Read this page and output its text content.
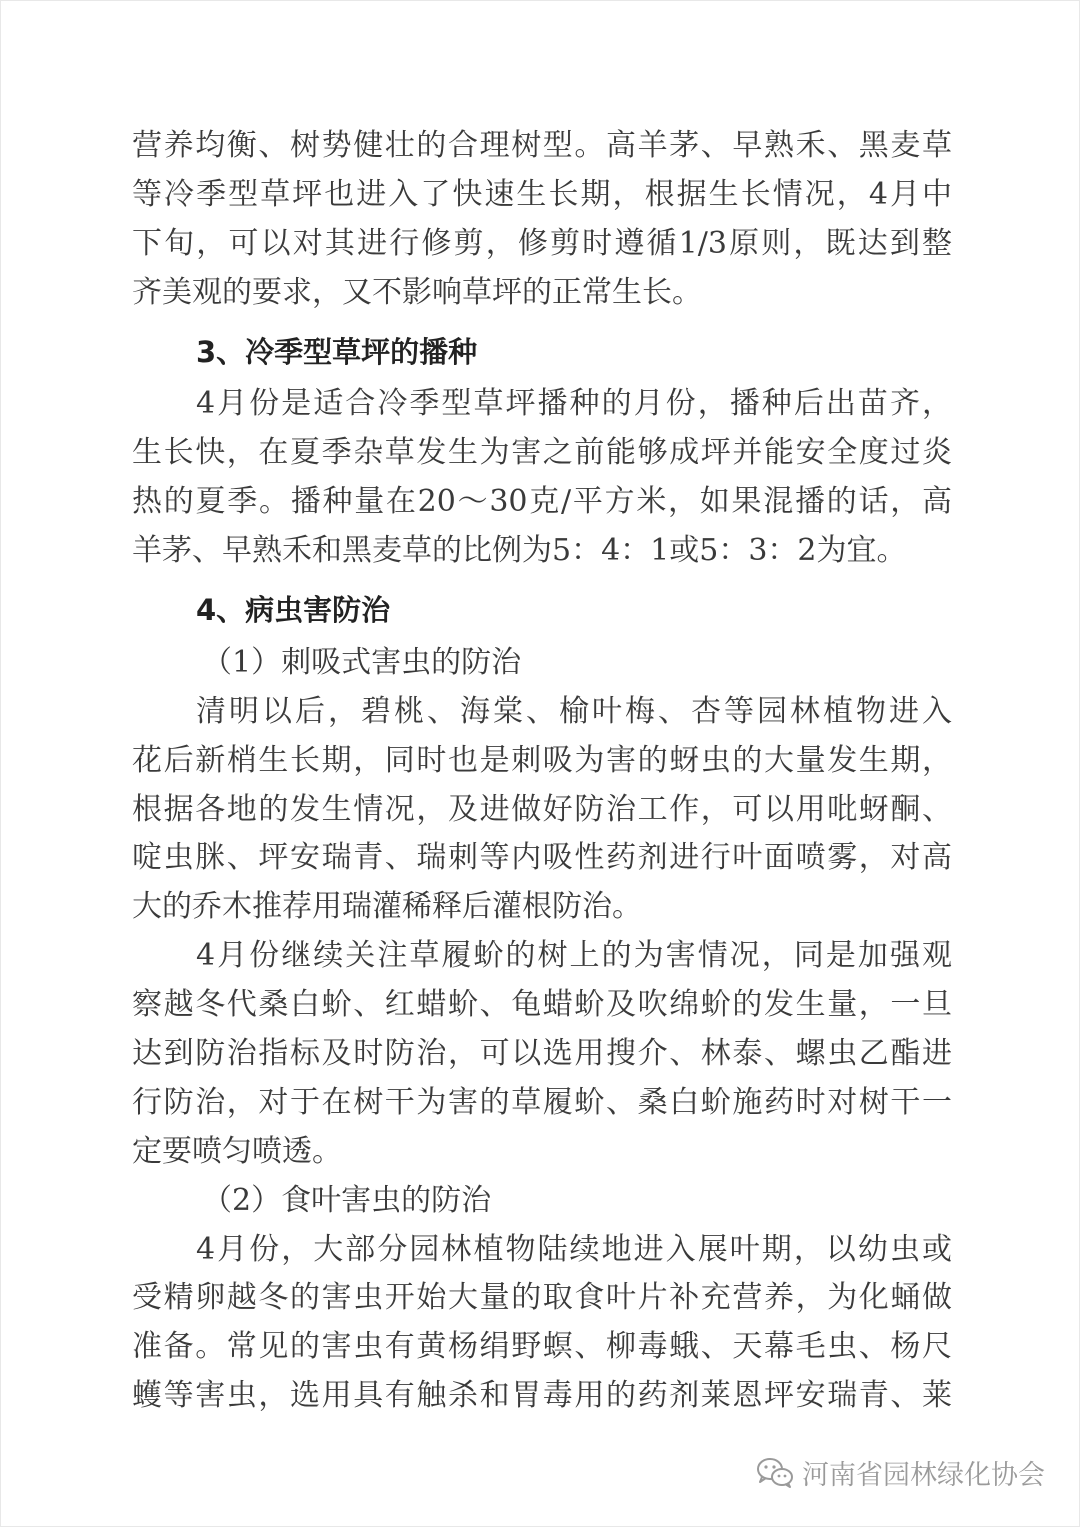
营养均衡、树势健壮的合理树型。高羊茅、早熟禾、黑麦草
等冷季型草坪也进入了快速生长期，根据生长情况，4月中
下旬，可以对其进行修剪，修剪时遵循1/3原则，既达到整
齐美观的要求，又不影响草坪的正常生长。
3、冷季型草坪的播种
4月份是适合冷季型草坪播种的月份，播种后出苗齐，
生长快，在夏季杂草发生为害之前能够成坪并能安全度过炎
热的夏季。播种量在20～30克/平方米，如果混播的话，高
羊茅、早熟禾和黑麦草的比例为5：4：1或5：3：2为宜。
4、病虫害防治
（1）刺吸式害虫的防治
清明以后，碧桃、海棠、榆叶梅、杏等园林植物进入
花后新梢生长期，同时也是刺吸为害的蚜虫的大量发生期，
根据各地的发生情况，及进做好防治工作，可以用吡蚜酮、
啶虫脒、坪安瑞青、瑞刺等内吸性药剂进行叶面喷雾，对高
大的乔木推荐用瑞灌稀释后灌根防治。
4月份继续关注草履蚧的树上的为害情况，同是加强观
察越冬代桑白蚧、红蜡蚧、龟蜡蚧及吹绵蚧的发生量，一旦
达到防治指标及时防治，可以选用搜介、林泰、螺虫乙酯进
行防治，对于在树干为害的草履蚧、桑白蚧施药时对树干一
定要喷匀喷透。
（2）食叶害虫的防治
4月份，大部分园林植物陆续地进入展叶期，以幼虫或
受精卵越冬的害虫开始大量的取食叶片补充营养，为化蛹做
准备。常见的害虫有黄杨绢野螟、柳毒蛾、天幕毛虫、杨尺
蠖等害虫，选用具有触杀和胃毒用的药剂莱恩坪安瑞青、莱
河南省园林绿化协会
